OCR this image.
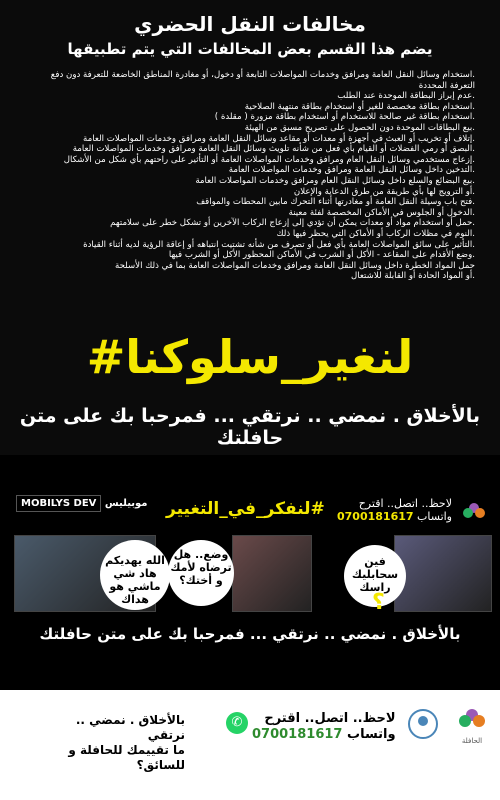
مخالفات النقل الحضري
يضم هذا القسم بعض المخالفات التي يتم تطبيقها
.استخدام وسائل النقل العامة ومرافق وخدمات المواصلات التابعة أو دخول، أو مغادرة المناطق الخاضعة للتعرفة دون دفع التعرفة المحددة
.عدم إبراز البطاقة الموحدة عند الطلب
.استخدام بطاقة مخصصة للغير أو استخدام بطاقة منتهية الصلاحية
.استخدام بطاقة غير صالحة للاستخدام أو استخدام بطاقة مزورة ( مقلدة )
.بيع البطاقات الموحدة دون الحصول على تصريح مسبق من الهيئة
.إتلاف أو تخريب أو العبث في أجهزة أو معدات أو مقاعد وسائل النقل العامة ومرافق وخدمات المواصلات العامة
.البصق أو رمي الفضلات أو القيام بأي فعل من شأنه تلويث وسائل النقل العامة ومرافق وخدمات المواصلات العامة
.إزعاج مستخدمي وسائل النقل العام ومرافق وخدمات المواصلات العامة أو التأثير على راحتهم بأي شكل من الأشكال
.التدخين داخل وسائل النقل العامة ومرافق وخدمات المواصلات العامة
.بيع البضائع والسلع داخل وسائل النقل العام ومرافق وخدمات المواصلات العامة
.أو الترويج لها بأي طريقة من طرق الدعاية والإعلان
.فتح باب وسيلة النقل العامة أو مغادرتها أثناء التحرك مابين المحطات والمواقف
.الدخول أو الجلوس في الأماكن المخصصة لفئة معينة
.حمل أو استخدام مواد أو معدات يمكن أن تؤدي إلى إزعاج الركاب الآخرين أو تشكل خطر على سلامتهم
.النوم في مظلات الركاب أو الأماكن التي يحظر فيها ذلك
.التأثير على سائق المواصلات العامة بأي فعل أو تصرف من شأنه تشتيت انتباهه أو إعاقة الرؤية لديه أثناء القيادة
.وضع الأقدام على المقاعد - الأكل أو الشرب في الأماكن المحظور الأكل أو الشرب فيها
حمل المواد الخطرة داخل وسائل النقل العامة ومرافق وخدمات المواصلات العامة بما في ذلك الأسلحة
.أو المواد الحادة أو القابلة للاشتعال
#لنغير_سلوكنا
بالأخلاق . نمضي .. نرتقي ... فمرحبا بك على متن حافلتك
MOBILYS DEV موبيليس #لنفكر_في_التغيير	لاحظ.. اتصل.. اقترح
واتساب 0700181617
الله يهديكم هاد شي ماشي هو هداك
وضع.. هل ترضاه لأمك و أختك؟
فين سحابليك راسك
؟
بالأخلاق . نمضي .. نرتقي ... فمرحبا بك على متن حافلتك
بالأخلاق . نمضي .. نرتقي
ما تقييمك للحافلة و للسائق؟
✆	لاحظ.. اتصل.. اقترح
واتساب 0700181617	الحافلة
